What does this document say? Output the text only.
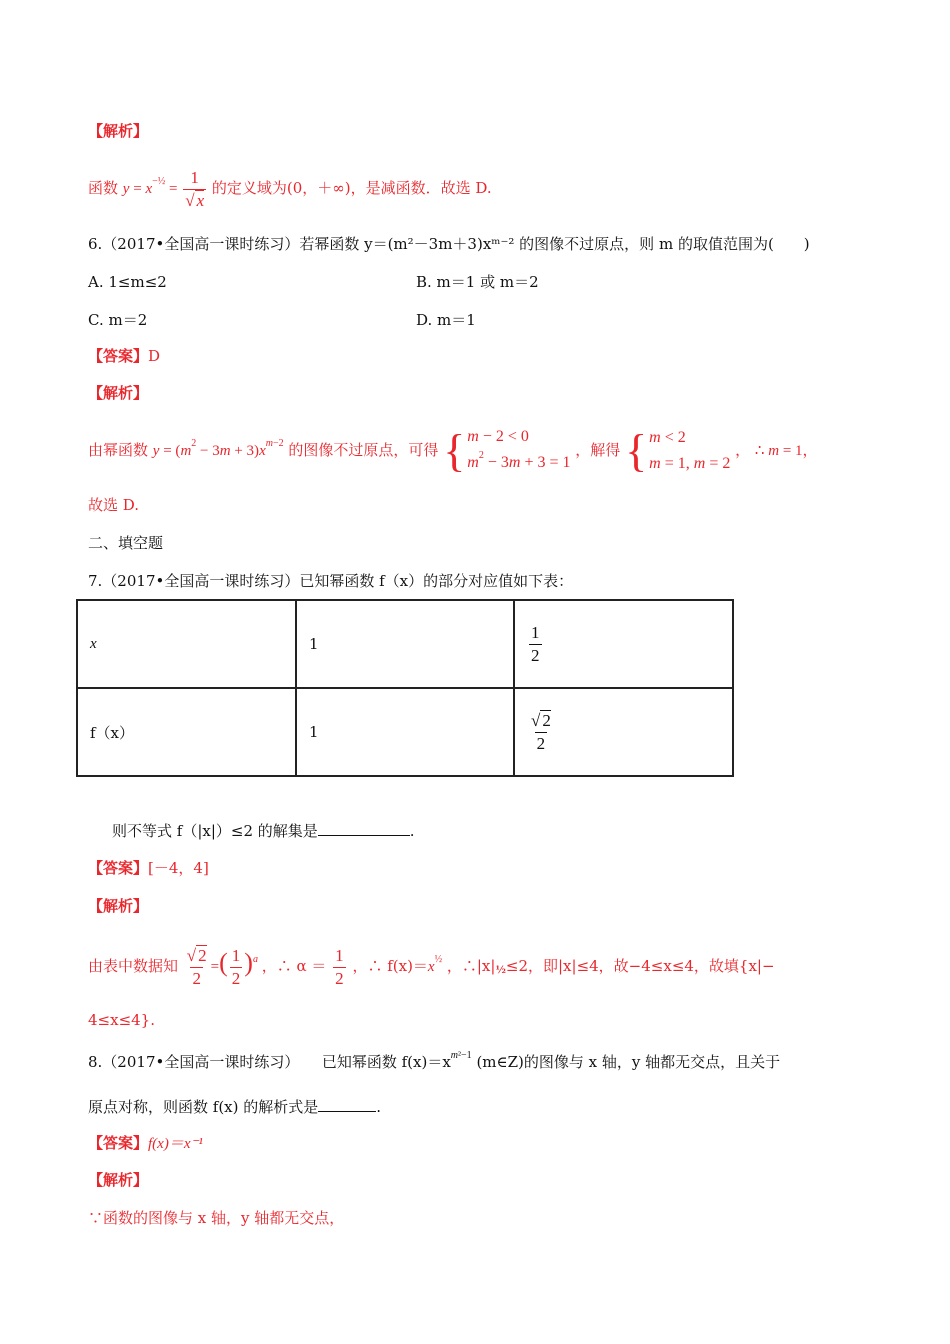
【解析】
函数 $y = x^{-\frac{1}{2}} = \frac{1}{√ x}$ 的定义域为(0，＋∞)，是减函数．故选 D.
6.（2017•全国高一课时练习）若幂函数 y＝(m²－3m＋3)xᵐ⁻² 的图像不过原点，则 m 的取值范围为(　　)
A. 1≤m≤2	B. m＝1 或 m＝2
C. m＝2	D. m＝1
【答案】D
【解析】
由幂函数 $y = (m^2 - 3m + 3)x^{m-2}$ 的图像不过原点，可得 { m − 2 < 0
$m^2 - 3m + 3 = 1$
，解得 { m < 2
m = 1, m = 2
， ∴ m = 1，
故选 D.
二、填空题
7.（2017•全国高一课时练习）已知幂函数 f（x）的部分对应值如下表：
x	1	$\frac{1}{2}$

f（x）	1	$\frac{√ 2}{2}$
则不等式 f（|x|）≤2 的解集是	.
【答案】[－4，4]
【解析】
由表中数据知 $\frac{√ 2}{2}$ =( $\frac{1}{2} )^a$ ，∴ $\alpha = \frac{1}{2}$ ，∴ $f(x)=x^{\frac{1}{2}}$ ，∴|x|½≤2，即|x|≤4，故−4≤x≤4，故填{x|−
4≤x≤4}.
8.（2017•全国高一课时练习）　　已知幂函数 $f(x)=x^{m^2-1}$ (m∈Z)的图像与 x 轴，y 轴都无交点，且关于
原点对称，则函数 f(x) 的解析式是	.
【答案】f(x)＝x⁻¹
【解析】
∵函数的图像与 x 轴，y 轴都无交点，
